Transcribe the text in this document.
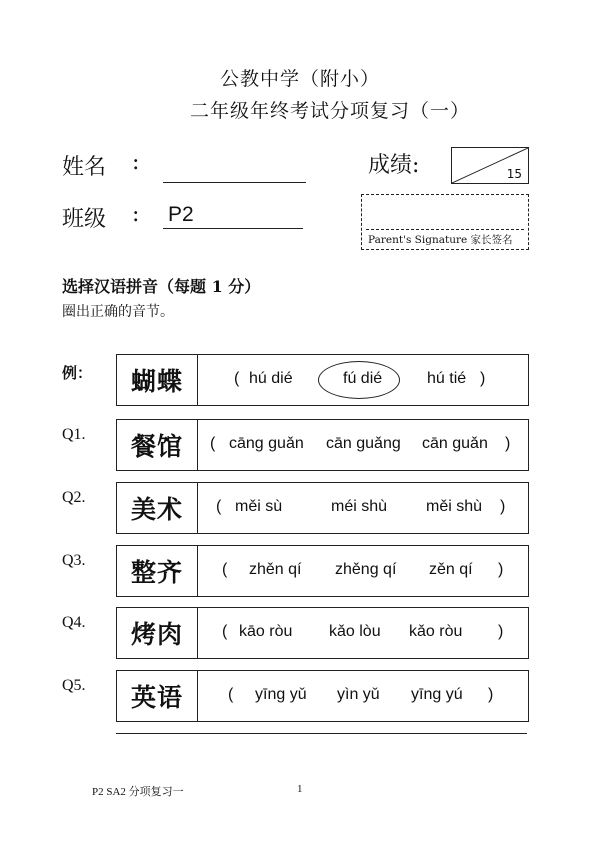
公教中学（附小）
二年级年终考试分项复习（一）
姓名 :
班级 : P2
成绩:	15
Parent's Signature 家长签名
选择汉语拼音（每题 1 分）
圈出正确的音节。
例：	蝴蝶	( hú dié	fú dié	hú tié )
Q1.	餐馆	( cāng guǎn cān guǎng cān guǎn )
Q2.	美术	( měi sù	méi shù měi shù )
Q3.	整齐	( zhěn qí zhěng qí zěn qí )
Q4.	烤肉	( kāo ròu kǎo lòu kǎo ròu )
Q5.	英语	( yīng yǔ yìn yǔ yīng yú )
P2 SA2 分项复习一	1
